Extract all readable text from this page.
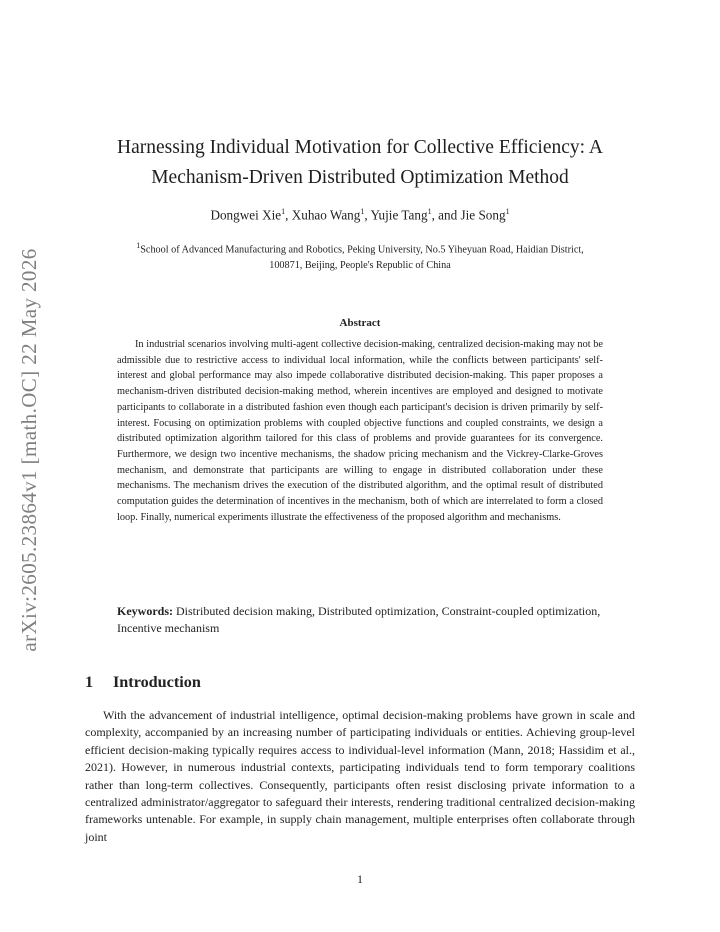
arXiv:2605.23864v1 [math.OC] 22 May 2026
Harnessing Individual Motivation for Collective Efficiency: A
Mechanism-Driven Distributed Optimization Method
Dongwei Xie$^1$, Xuhao Wang$^1$, Yujie Tang$^1$, and Jie Song$^1$
$^1$School of Advanced Manufacturing and Robotics, Peking University, No.5 Yiheyuan Road, Haidian District,
100871, Beijing, People's Republic of China
Abstract
In industrial scenarios involving multi-agent collective decision-making, centralized decision-making may not be admissible due to restrictive access to individual local information, while the conflicts between participants' self-interest and global performance may also impede collaborative distributed decision-making. This paper proposes a mechanism-driven distributed decision-making method, wherein incentives are employed and designed to motivate participants to collaborate in a distributed fashion even though each participant's decision is driven primarily by self-interest. Focusing on optimization problems with coupled objective functions and coupled constraints, we design a distributed optimization algorithm tailored for this class of problems and provide guarantees for its convergence. Furthermore, we design two incentive mechanisms, the shadow pricing mechanism and the Vickrey-Clarke-Groves mechanism, and demonstrate that participants are willing to engage in distributed collaboration under these mechanisms. The mechanism drives the execution of the distributed algorithm, and the optimal result of distributed computation guides the determination of incentives in the mechanism, both of which are interrelated to form a closed loop. Finally, numerical experiments illustrate the effectiveness of the proposed algorithm and mechanisms.
Keywords: Distributed decision making, Distributed optimization, Constraint-coupled optimization, Incentive mechanism
1 Introduction
With the advancement of industrial intelligence, optimal decision-making problems have grown in scale and complexity, accompanied by an increasing number of participating individuals or entities. Achieving group-level efficient decision-making typically requires access to individual-level information (Mann, 2018; Hassidim et al., 2021). However, in numerous industrial contexts, participating individuals tend to form temporary coalitions rather than long-term collectives. Consequently, participants often resist disclosing private information to a centralized administrator/aggregator to safeguard their interests, rendering traditional centralized decision-making frameworks untenable. For example, in supply chain management, multiple enterprises often collaborate through joint
1
